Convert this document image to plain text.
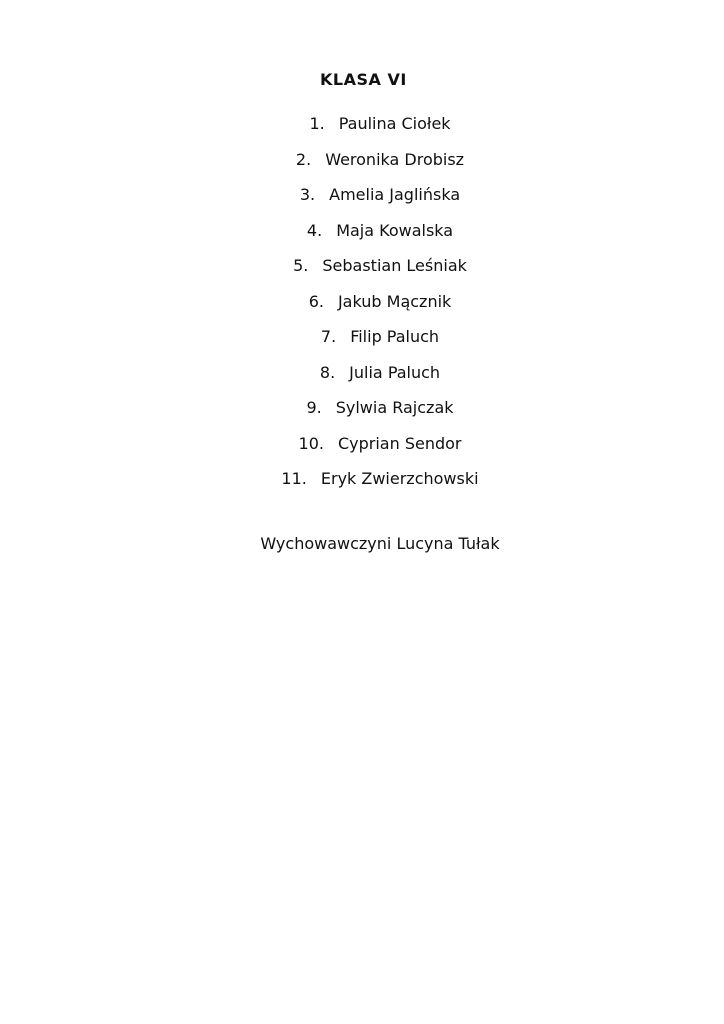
KLASA VI
1. Paulina Ciołek
2. Weronika Drobisz
3. Amelia Jaglińska
4. Maja Kowalska
5. Sebastian Leśniak
6. Jakub Mącznik
7. Filip Paluch
8. Julia Paluch
9. Sylwia Rajczak
10. Cyprian Sendor
11. Eryk Zwierzchowski
Wychowawczyni Lucyna Tułak
